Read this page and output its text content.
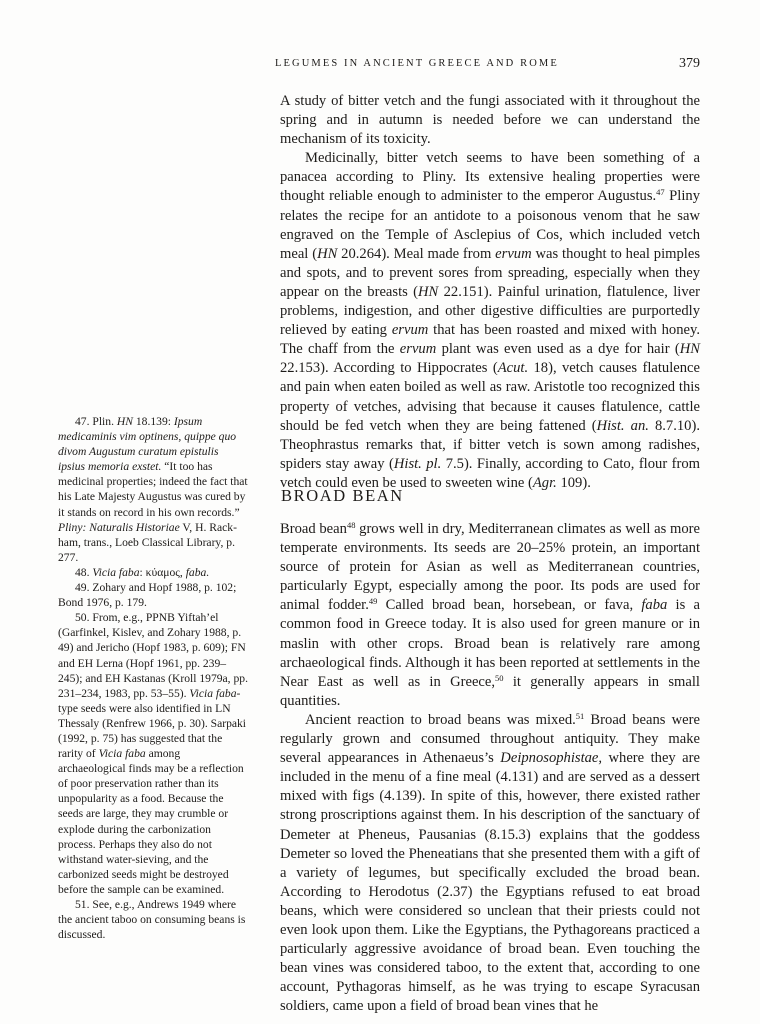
LEGUMES IN ANCIENT GREECE AND ROME	379

A study of bitter vetch and the fungi associated with it throughout the spring and in autumn is needed before we can understand the mechanism of its toxicity.

Medicinally, bitter vetch seems to have been something of a panacea according to Pliny. Its extensive healing properties were thought reliable enough to administer to the emperor Augustus.$^{47}$ Pliny relates the recipe for an antidote to a poisonous venom that he saw engraved on the Temple of Asclepius of Cos, which included vetch meal (HN 20.264). Meal made from ervum was thought to heal pimples and spots, and to prevent sores from spreading, especially when they appear on the breasts (HN 22.151). Painful urination, flatulence, liver problems, indigestion, and other digestive difficulties are purportedly relieved by eating ervum that has been roasted and mixed with honey. The chaff from the ervum plant was even used as a dye for hair (HN 22.153). According to Hippocrates (Acut. 18), vetch causes flatulence and pain when eaten boiled as well as raw. Aristotle too recognized this property of vetches, advising that because it causes flatulence, cattle should be fed vetch when they are being fattened (Hist. an. 8.7.10). Theophrastus remarks that, if bitter vetch is sown among radishes, spiders stay away (Hist. pl. 7.5). Finally, according to Cato, flour from vetch could even be used to sweeten wine (Agr. 109).

BROAD BEAN

Broad bean$^{48}$ grows well in dry, Mediterranean climates as well as more temperate environments. Its seeds are 20–25% protein, an important source of protein for Asian as well as Mediterranean countries, particularly Egypt, especially among the poor. Its pods are used for animal fodder.$^{49}$ Called broad bean, horsebean, or fava, faba is a common food in Greece today. It is also used for green manure or in maslin with other crops. Broad bean is relatively rare among archaeological finds. Although it has been reported at settlements in the Near East as well as in Greece,$^{50}$ it generally appears in small quantities.

Ancient reaction to broad beans was mixed.$^{51}$ Broad beans were regularly grown and consumed throughout antiquity. They make several appearances in Athenaeus’s Deipnosophistae, where they are included in the menu of a fine meal (4.131) and are served as a dessert mixed with figs (4.139). In spite of this, however, there existed rather strong proscriptions against them. In his description of the sanctuary of Demeter at Pheneus, Pausanias (8.15.3) explains that the goddess Demeter so loved the Pheneatians that she presented them with a gift of a variety of legumes, but specifically excluded the broad bean. According to Herodotus (2.37) the Egyptians refused to eat broad beans, which were considered so unclean that their priests could not even look upon them. Like the Egyptians, the Pythagoreans practiced a particularly aggressive avoidance of broad bean. Even touching the bean vines was considered taboo, to the extent that, according to one account, Pythagoras himself, as he was trying to escape Syracusan soldiers, came upon a field of broad bean vines that he

47. Plin. HN 18.139: Ipsum medicaminis vim optinens, quippe quo divom Augustum curatum epistulis ipsius memoria exstet. “It too has medicinal properties; indeed the fact that his Late Majesty Augustus was cured by it stands on record in his own records.” Pliny: Naturalis Historiae V, H. Rackham, trans., Loeb Classical Library, p. 277.

48. Vicia faba: κύαμος, faba.

49. Zohary and Hopf 1988, p. 102; Bond 1976, p. 179.

50. From, e.g., PPNB Yiftah’el (Garfinkel, Kislev, and Zohary 1988, p. 49) and Jericho (Hopf 1983, p. 609); FN and EH Lerna (Hopf 1961, pp. 239–245); and EH Kastanas (Kroll 1979a, pp. 231–234, 1983, pp. 53–55). Vicia faba-type seeds were also identified in LN Thessaly (Renfrew 1966, p. 30). Sarpaki (1992, p. 75) has suggested that the rarity of Vicia faba among archaeological finds may be a reflection of poor preservation rather than its unpopularity as a food. Because the seeds are large, they may crumble or explode during the carbonization process. Perhaps they also do not withstand water-sieving, and the carbonized seeds might be destroyed before the sample can be examined.

51. See, e.g., Andrews 1949 where the ancient taboo on consuming beans is discussed.
